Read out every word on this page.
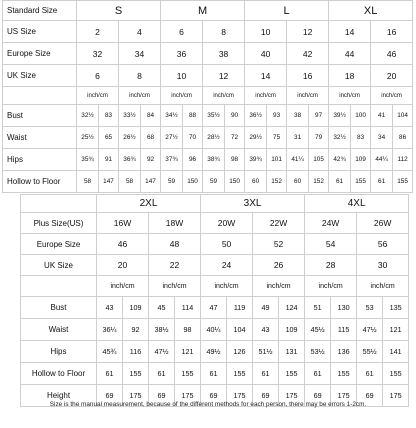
Standard Size	S				M				L				XL			
US Size	2		4		6		8		10		12		14		16	
Europe Size	32		34		36		38		40		42		44		46	
UK Size	6		8		10		12		14		16		18		20	
	inch/cm		inch/cm		inch/cm		inch/cm		inch/cm		inch/cm		inch/cm		inch/cm	
Bust	32½	83	33½	84	34½	88	35½	90	36½	93	38	97	39½	100	41	104
Waist	25½	65	26½	68	27½	70	28½	72	29½	75	31	79	32½	83	34	86
Hips	35¾	91	36¾	92	37¾	96	38¾	98	39¾	101	41¼	105	42¾	109	44¼	112
Hollow to Floor	58	147	58	147	59	150	59	150	60	152	60	152	61	155	61	155
	2XL				3XL				4XL			
Plus Size(US)	16W		18W		20W		22W		24W		26W	
Europe Size	46		48		50		52		54		56	
UK Size	20		22		24		26		28		30	
	inch/cm		inch/cm		inch/cm		inch/cm		inch/cm		inch/cm	
Bust	43	109	45	114	47	119	49	124	51	130	53	135
Waist	36¼	92	38½	98	40¼	104	43	109	45½	115	47½	121
Hips	45¾	116	47½	121	49½	126	51½	131	53½	136	55½	141
Hollow to Floor	61	155	61	155	61	155	61	155	61	155	61	155
Height	69	175	69	175	69	175	69	175	69	175	69	175
Size is the manual measurement, because of the different methods for each person, there may be errors 1-2cm.
